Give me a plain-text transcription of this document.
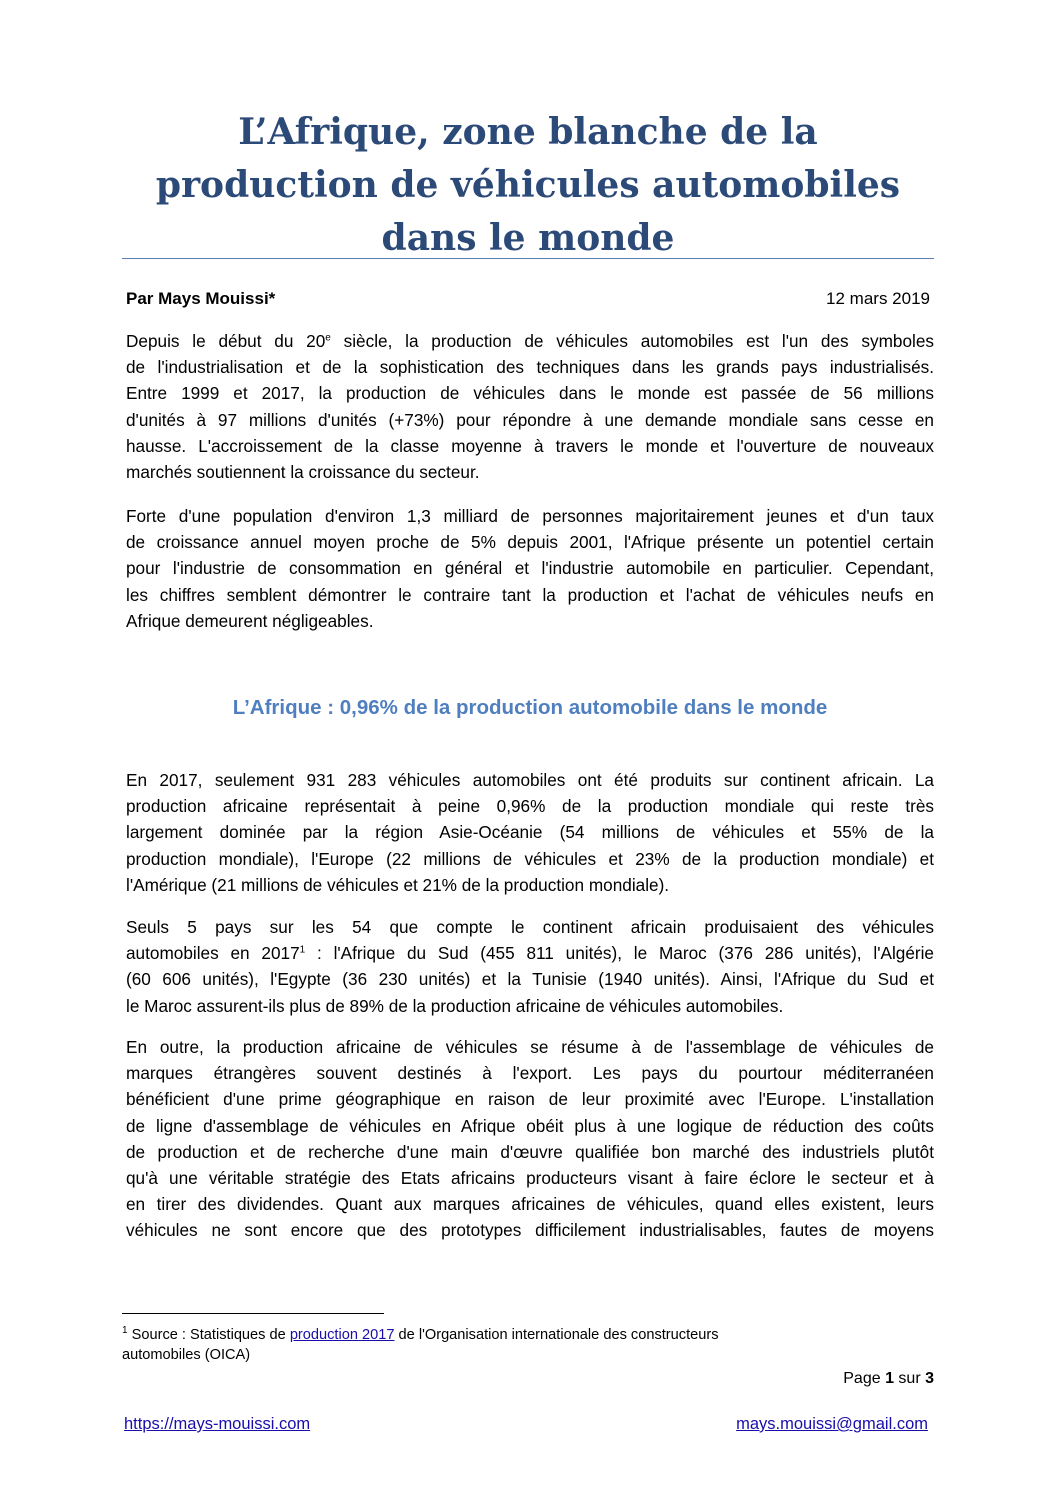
L’Afrique, zone blanche de la
production de véhicules automobiles
dans le monde
Par Mays Mouissi*	12 mars 2019

Depuis le début du 20e siècle, la production de véhicules automobiles est l'un des symboles
de l'industrialisation et de la sophistication des techniques dans les grands pays industrialisés.
Entre 1999 et 2017, la production de véhicules dans le monde est passée de 56 millions
d'unités à 97 millions d'unités (+73%) pour répondre à une demande mondiale sans cesse en
hausse. L'accroissement de la classe moyenne à travers le monde et l'ouverture de nouveaux
marchés soutiennent la croissance du secteur.

Forte d'une population d'environ 1,3 milliard de personnes majoritairement jeunes et d'un taux
de croissance annuel moyen proche de 5% depuis 2001, l'Afrique présente un potentiel certain
pour l'industrie de consommation en général et l'industrie automobile en particulier. Cependant,
les chiffres semblent démontrer le contraire tant la production et l'achat de véhicules neufs en
Afrique demeurent négligeables.

L’Afrique : 0,96% de la production automobile dans le monde

En 2017, seulement 931 283 véhicules automobiles ont été produits sur continent africain. La
production africaine représentait à peine 0,96% de la production mondiale qui reste très
largement dominée par la région Asie-Océanie (54 millions de véhicules et 55% de la
production mondiale), l'Europe (22 millions de véhicules et 23% de la production mondiale) et
l'Amérique (21 millions de véhicules et 21% de la production mondiale).

Seuls 5 pays sur les 54 que compte le continent africain produisaient des véhicules
automobiles en 2017$^1$ : l'Afrique du Sud (455 811 unités), le Maroc (376 286 unités), l'Algérie
(60 606 unités), l'Egypte (36 230 unités) et la Tunisie (1940 unités). Ainsi, l'Afrique du Sud et
le Maroc assurent-ils plus de 89% de la production africaine de véhicules automobiles.

En outre, la production africaine de véhicules se résume à de l'assemblage de véhicules de
marques étrangères souvent destinés à l'export. Les pays du pourtour méditerranéen
bénéficient d'une prime géographique en raison de leur proximité avec l'Europe. L'installation
de ligne d'assemblage de véhicules en Afrique obéit plus à une logique de réduction des coûts
de production et de recherche d'une main d'œuvre qualifiée bon marché des industriels plutôt
qu'à une véritable stratégie des Etats africains producteurs visant à faire éclore le secteur et à
en tirer des dividendes. Quant aux marques africaines de véhicules, quand elles existent, leurs
véhicules ne sont encore que des prototypes difficilement industrialisables, fautes de moyens

$^1$ Source : Statistiques de production 2017 de l'Organisation internationale des constructeurs
automobiles (OICA)

Page 1 sur 3
https://mays-mouissi.com	mays.mouissi@gmail.com
